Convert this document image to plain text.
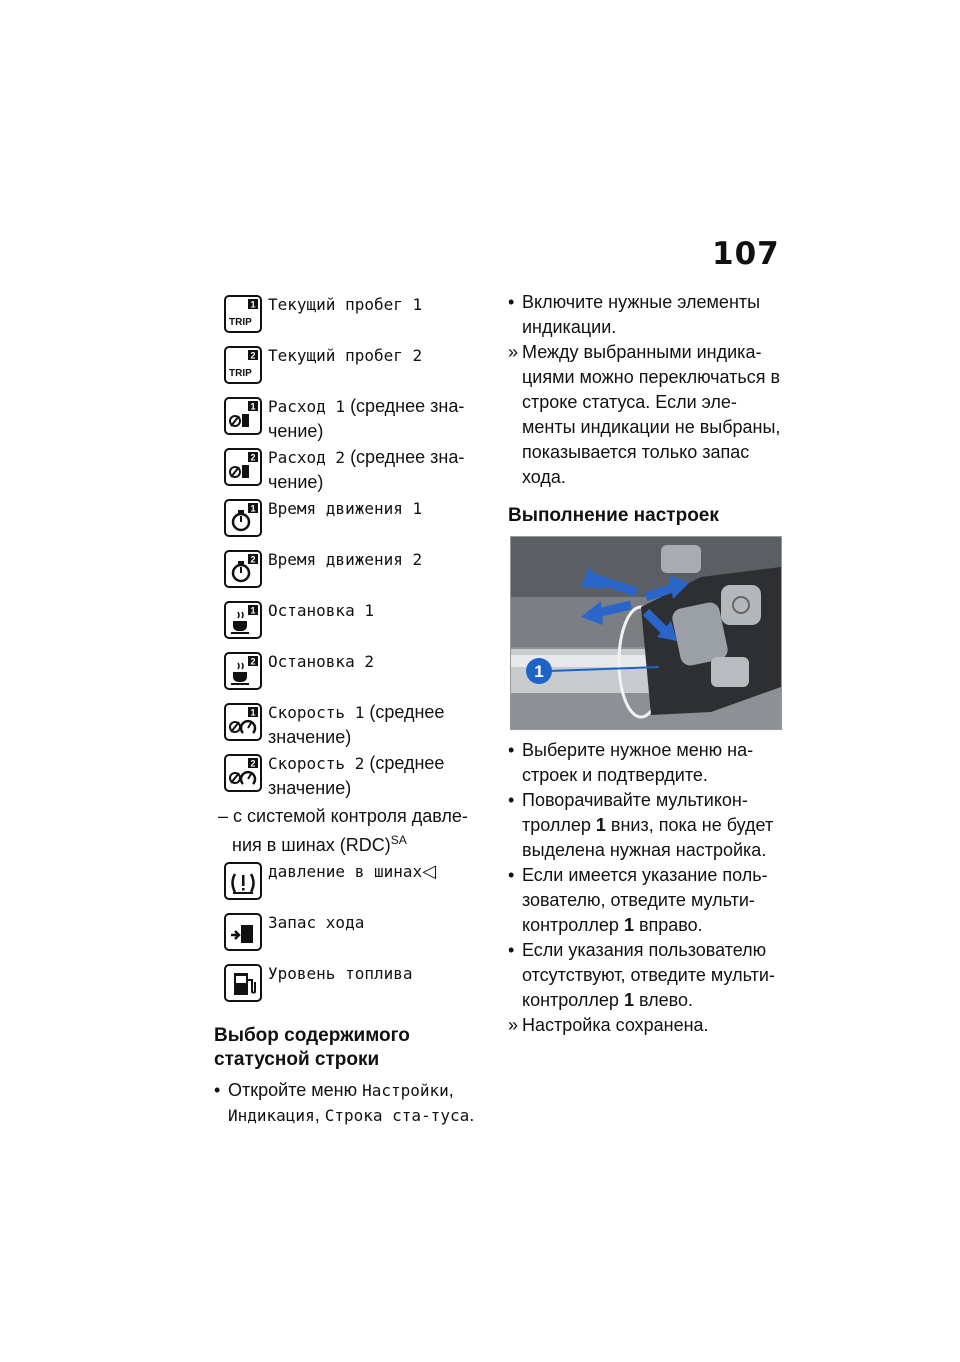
107
TRIP
1 Текущий пробег 1
TRIP
2 Текущий пробег 2
1 Расход 1 (среднее зна-чение)
2 Расход 2 (среднее зна-чение)
1 Время движения 1
2 Время движения 2
1 Остановка 1
2 Остановка 2
1 Скорость 1 (среднее значение)
2 Скорость 2 (среднее значение)
– с системой контроля давле-ния в шинах (RDC)$^{SA}$
давление в шинах◁
Запас хода
Уровень топлива
Выбор содержимого статусной строки
• Откройте меню Настройки, Индикация, Строка ста-туса.
• Включите нужные элементы индикации.
» Между выбранными индика-циями можно переключаться в строке статуса. Если эле-менты индикации не выбраны, показывается только запас хода.
Выполнение настроек
1
• Выберите нужное меню на-строек и подтвердите.
• Поворачивайте мультикон-троллер 1 вниз, пока не будет выделена нужная настройка.
• Если имеется указание поль-зователю, отведите мульти-контроллер 1 вправо.
• Если указания пользователю отсутствуют, отведите мульти-контроллер 1 влево.
» Настройка сохранена.
